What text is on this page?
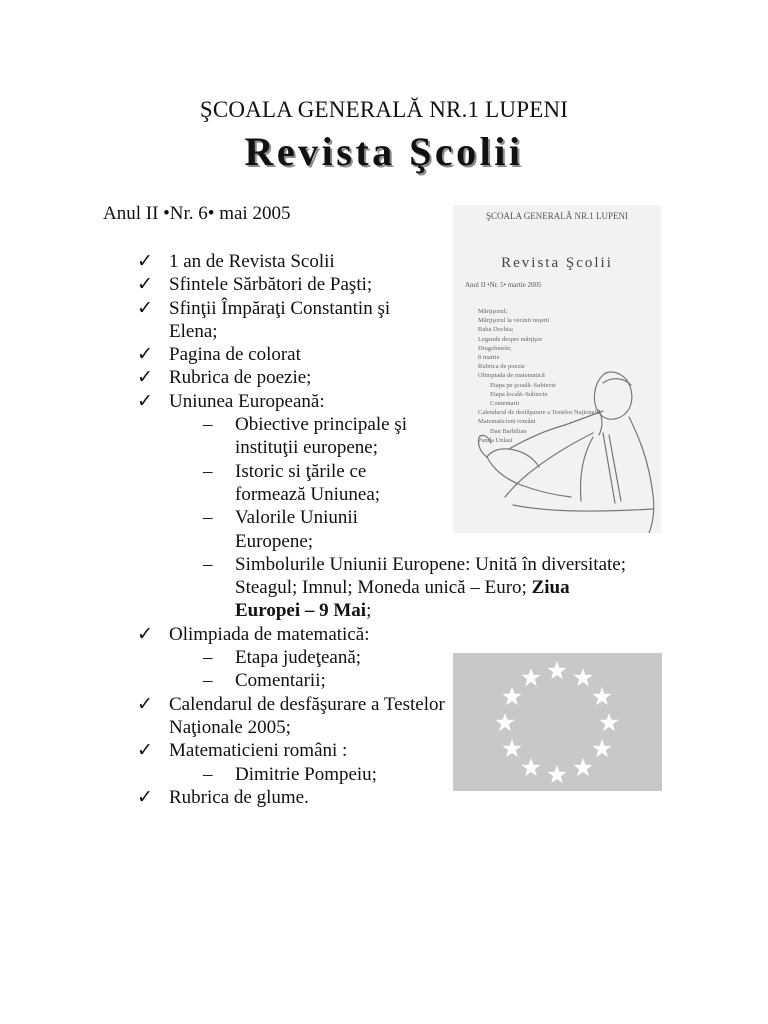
ŞCOALA GENERALĂ NR.1 LUPENI
Revista Şcolii
Anul II •Nr. 6• mai 2005
✓ 1 an de Revista Scolii
✓ Sfintele Sărbători de Paşti;
✓ Sfinţii Împăraţi Constantin şi Elena;
✓ Pagina de colorat
✓ Rubrica de poezie;
✓ Uniunea Europeană:
– Obiective principale şi instituţii europene;
– Istoric si ţările ce formează Uniunea;
– Valorile Uniunii Europene;
– Simbolurile Uniunii Europene: Unită în diversitate; Steagul; Imnul; Moneda unică – Euro; Ziua Europei – 9 Mai;
✓ Olimpiada de matematică:
– Etapa judeţeană;
– Comentarii;
✓ Calendarul de desfăşurare a Testelor Naţionale 2005;
✓ Matematicieni români :
– Dimitrie Pompeiu;
✓ Rubrica de glume.
ŞCOALA GENERALĂ NR.1 LUPENI
Revista Şcolii
Anul II •Nr. 5• martie 2005
Mărţişorul;
Mărţişorul la vecinii noştrii
Baba Dochia;
Legende despre mărţişor
Dragobetele;
8 martie
Rubrica de poezie
Olimpiada de matematică
Etapa pe şcoală–Subiecte
Etapa locală–Subiecte
Comentarii
Calendarul de desfăşurare a Testelor Naţionale
Matematicieni români
Dan Barbilian
Panda Unlasi
